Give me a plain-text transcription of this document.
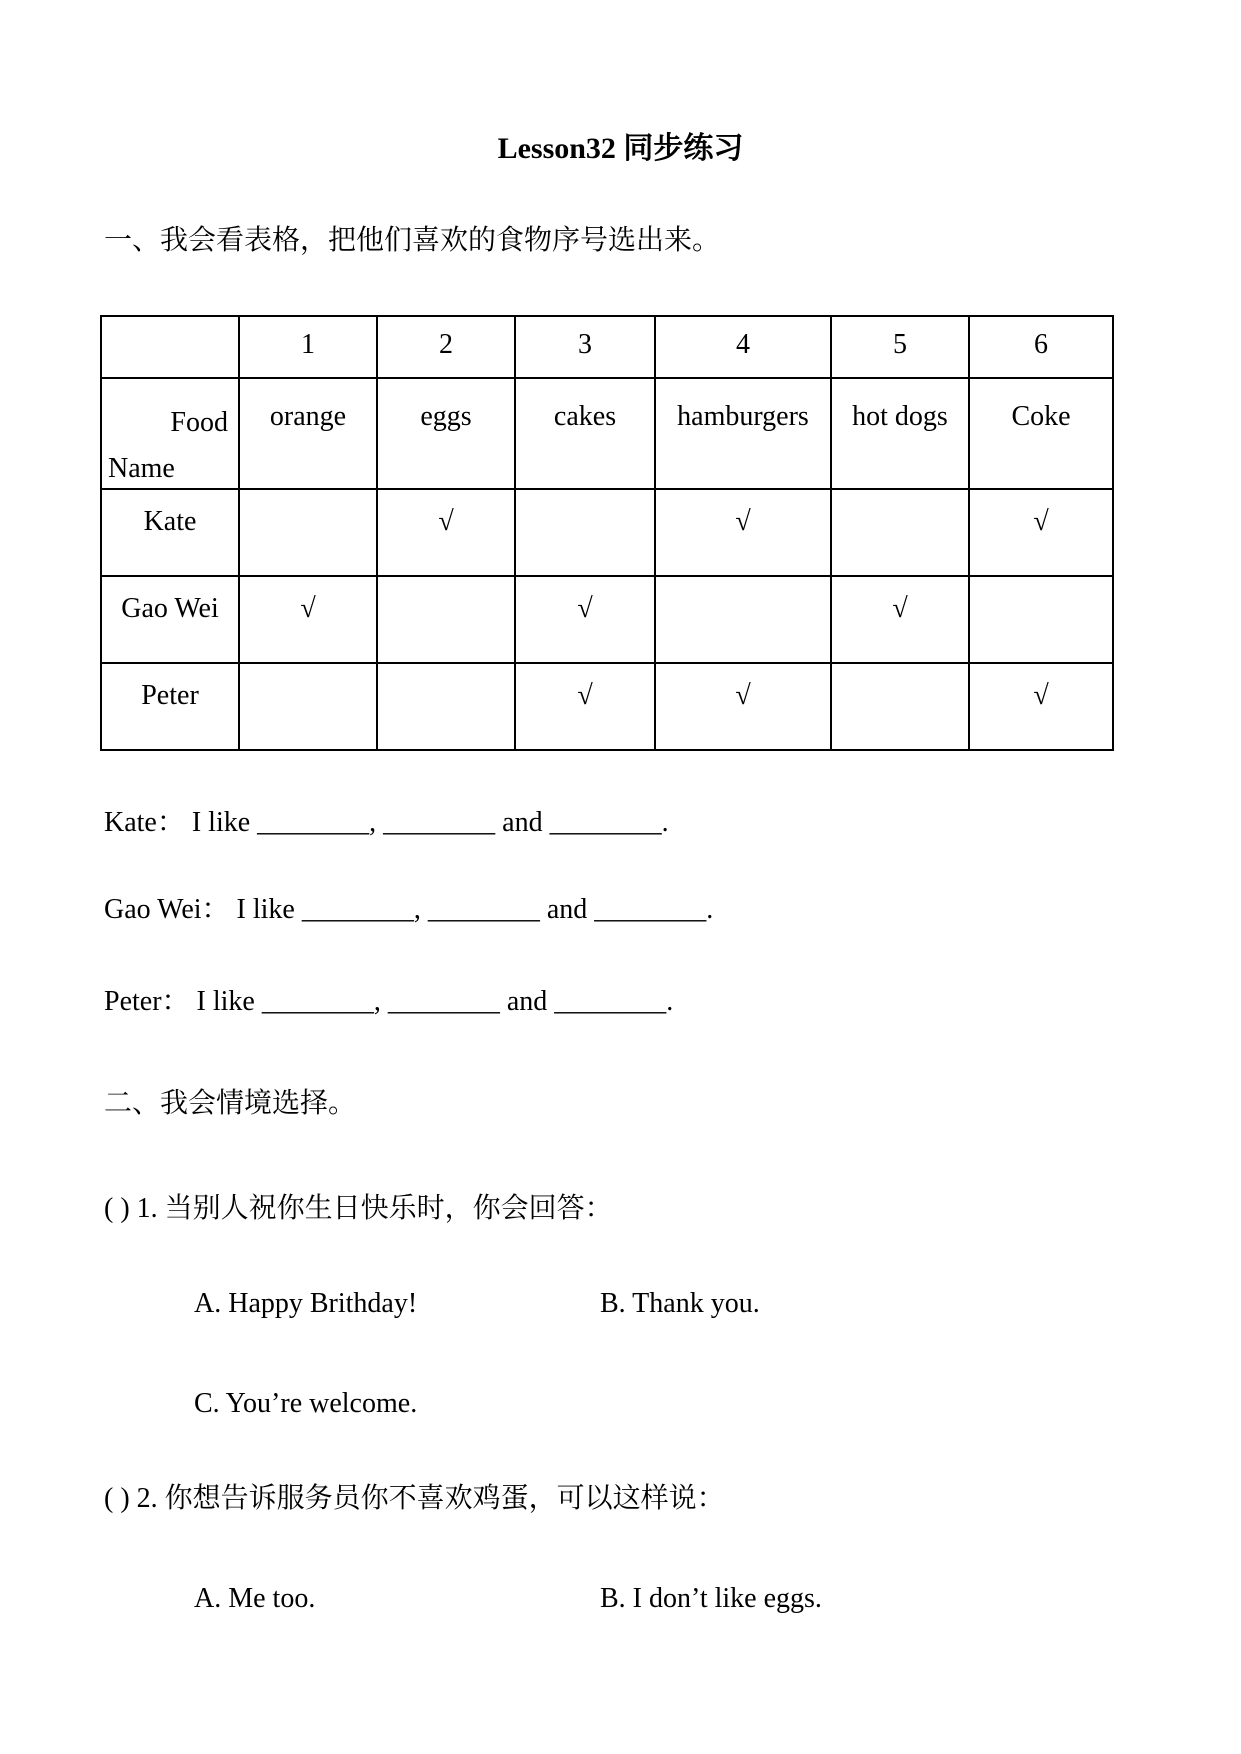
Lesson32 同步练习
一、我会看表格，把他们喜欢的食物序号选出来。
	1	2	3	4	5	6

Food
Name	orange	eggs	cakes	hamburgers	hot dogs	Coke
Kate		√		√		√
Gao Wei	√		√		√	
Peter			√	√		√
Kate： I like ________, ________ and ________.
Gao Wei： I like ________, ________ and ________.
Peter： I like ________, ________ and ________.
二、我会情境选择。
( ) 1. 当别人祝你生日快乐时，你会回答：
A. Happy Brithday!	B. Thank you.
C. You’re welcome.
( ) 2. 你想告诉服务员你不喜欢鸡蛋，可以这样说：
A. Me too.	B. I don’t like eggs.
